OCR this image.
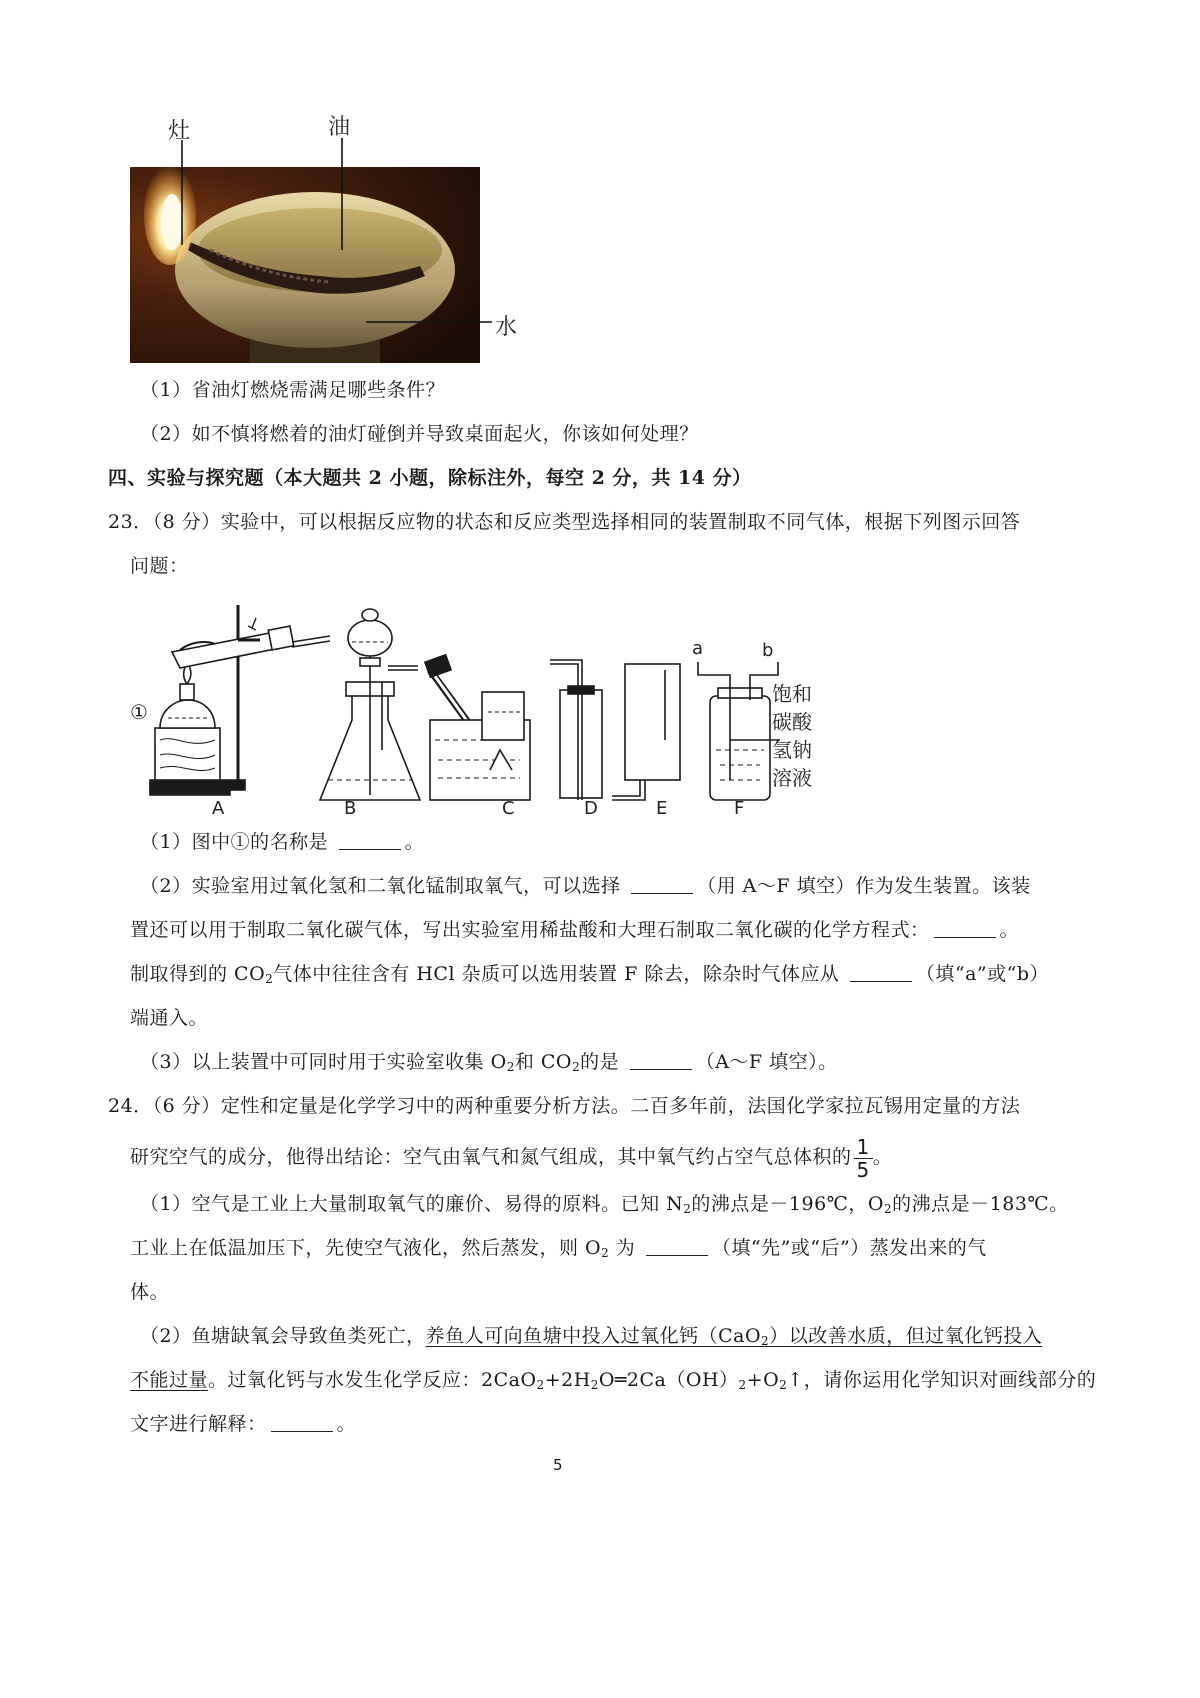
灶	油
水
（1）省油灯燃烧需满足哪些条件？
（2）如不慎将燃着的油灯碰倒并导致桌面起火，你该如何处理？
四、实验与探究题（本大题共 2 小题，除标注外，每空 2 分，共 14 分）
23．（8 分）实验中，可以根据反应物的状态和反应类型选择相同的装置制取不同气体，根据下列图示回答
问题：
①
a	b
饱和
碳酸
氢钠
溶液
A	B	C	D	E	F
（1）图中①的名称是	。
（2）实验室用过氧化氢和二氧化锰制取氧气，可以选择	（用 A～F 填空）作为发生装置。该装
置还可以用于制取二氧化碳气体，写出实验室用稀盐酸和大理石制取二氧化碳的化学方程式：	。
制取得到的 $CO_2$气体中往往含有 HCl 杂质可以选用装置 F 除去，除杂时气体应从	（填“a”或“b）
端通入。
（3）以上装置中可同时用于实验室收集 $O_2$和 $CO_2$的是	（A～F 填空）。
24．（6 分）定性和定量是化学学习中的两种重要分析方法。二百多年前，法国化学家拉瓦锡用定量的方法
研究空气的成分，他得出结论：空气由氧气和氮气组成，其中氧气约占空气总体积的 $\frac{1}{5}$ 。
（1）空气是工业上大量制取氧气的廉价、易得的原料。已知 $N_2$的沸点是－196℃，$O_2$的沸点是－183℃。
工业上在低温加压下，先使空气液化，然后蒸发，则 $O_2$ 为	（填“先”或“后”）蒸发出来的气
体。
（2）鱼塘缺氧会导致鱼类死亡，养鱼人可向鱼塘中投入过氧化钙（CaO$_2$）以改善水质，但过氧化钙投入
不能过量。过氧化钙与水发生化学反应：$2CaO_2+2H_2O═2Ca(OH)_2+O_2↑$，请你运用化学知识对画线部分的
文字进行解释：	。
5
